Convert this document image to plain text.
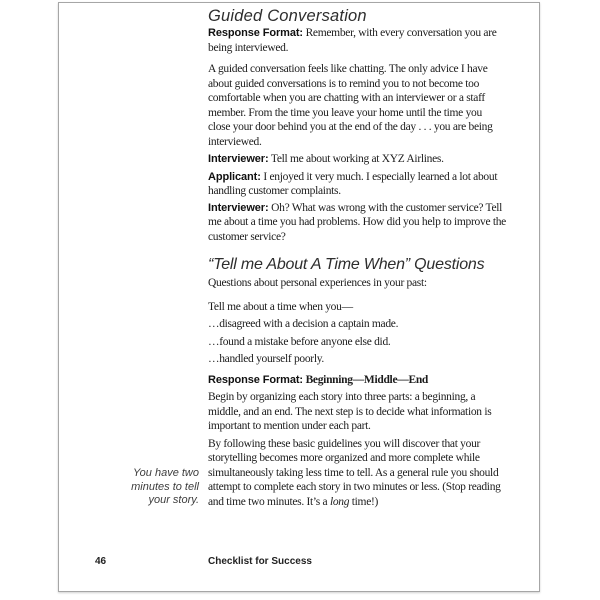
Guided Conversation

Response Format: Remember, with every conversation you are
being interviewed.

A guided conversation feels like chatting. The only advice I have
about guided conversations is to remind you to not become too
comfortable when you are chatting with an interviewer or a staff
member. From the time you leave your home until the time you
close your door behind you at the end of the day . . . you are being
interviewed.

Interviewer: Tell me about working at XYZ Airlines.

Applicant: I enjoyed it very much. I especially learned a lot about
handling customer complaints.

Interviewer: Oh? What was wrong with the customer service? Tell
me about a time you had problems. How did you help to improve the
customer service?

“Tell me About A Time When” Questions

Questions about personal experiences in your past:

Tell me about a time when you—

…disagreed with a decision a captain made.

…found a mistake before anyone else did.

…handled yourself poorly.

Response Format: Beginning—Middle—End

Begin by organizing each story into three parts: a beginning, a
middle, and an end. The next step is to decide what information is
important to mention under each part.

By following these basic guidelines you will discover that your
storytelling becomes more organized and more complete while
simultaneously taking less time to tell. As a general rule you should
attempt to complete each story in two minutes or less. (Stop reading
and time two minutes. It’s a long time!)

You have two
minutes to tell
your story.
46	Checklist for Success
